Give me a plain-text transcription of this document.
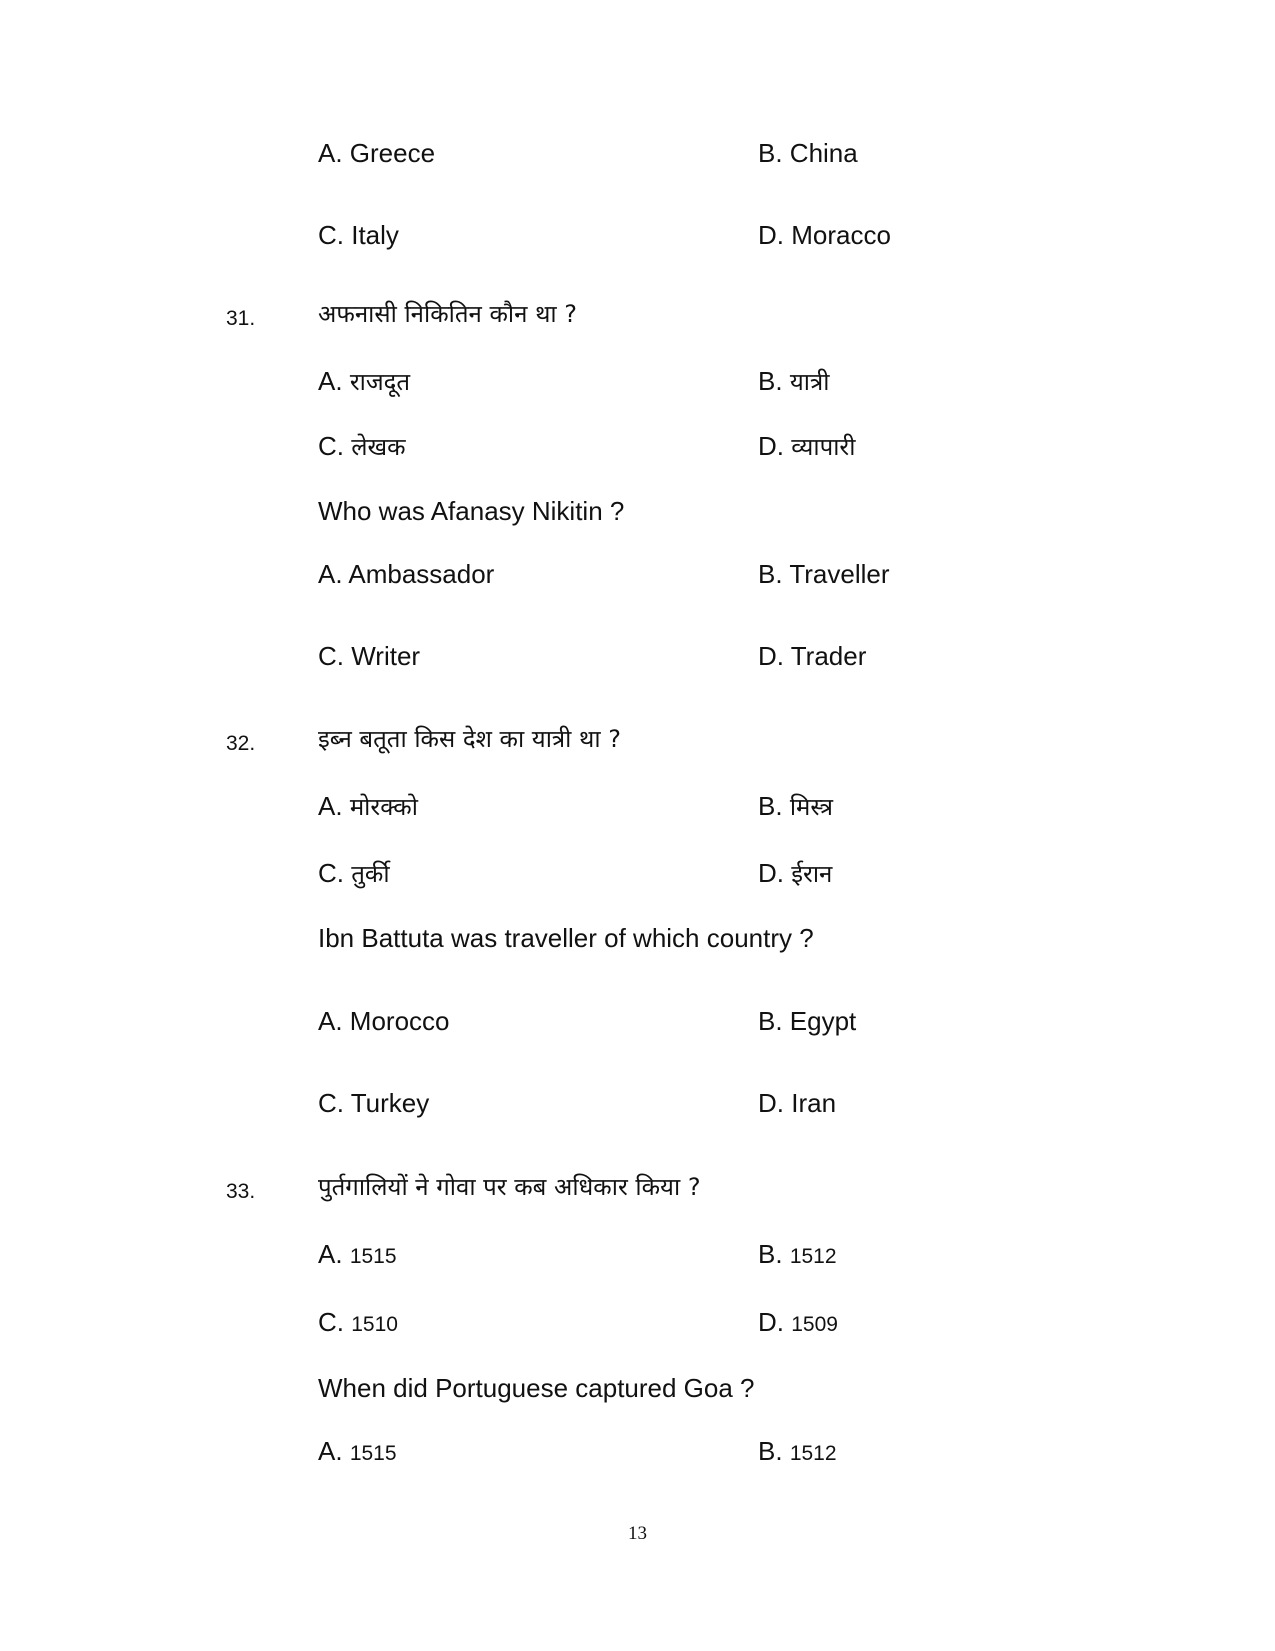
A. Greece	B. China
C. Italy	D. Moracco
31.	अफनासी निकितिन कौन था ?
A. राजदूत	B. यात्री
C. लेखक	D. व्यापारी
Who was Afanasy Nikitin ?
A. Ambassador	B. Traveller
C. Writer	D. Trader
32.	इब्न बतूता किस देश का यात्री था ?
A. मोरक्को	B. मिस्त्र
C. तुर्की	D. ईरान
Ibn Battuta was traveller of which country ?
A. Morocco	B. Egypt
C. Turkey	D. Iran
33.	पुर्तगालियों ने गोवा पर कब अधिकार किया ?
A. 1515	B. 1512
C. 1510	D. 1509
When did Portuguese captured Goa ?
A. 1515	B. 1512
13
